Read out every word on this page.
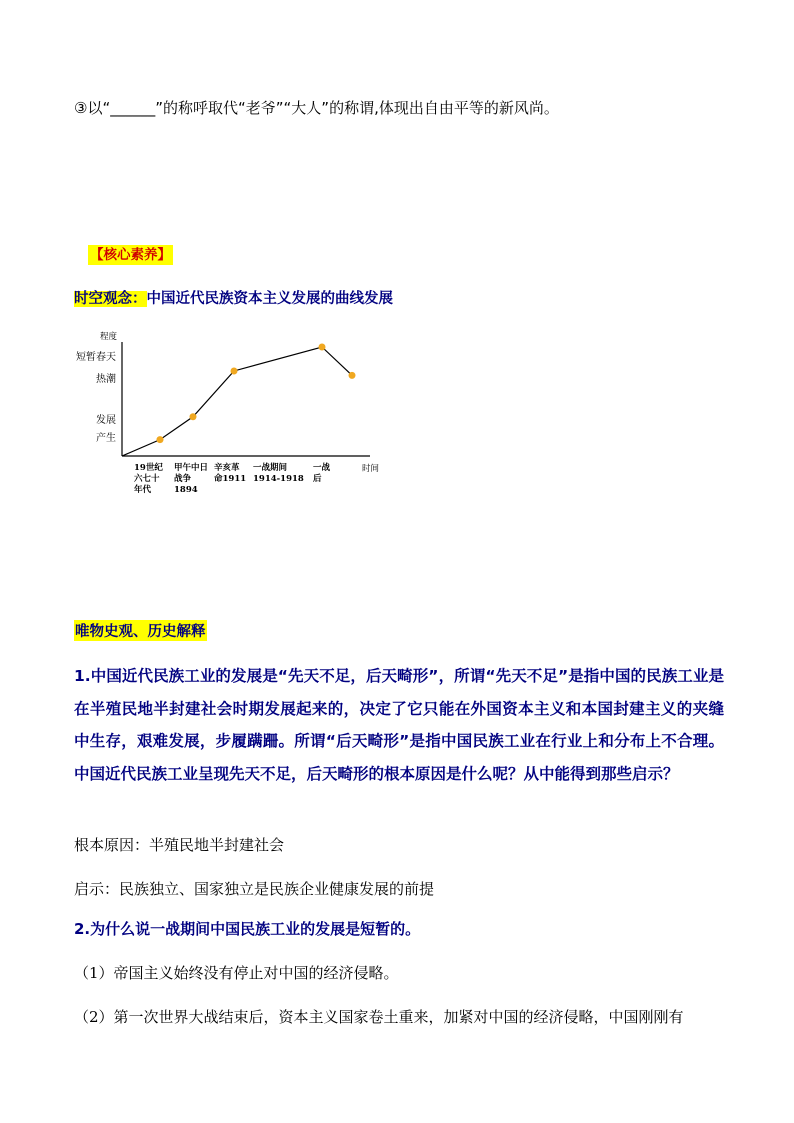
③以“______”的称呼取代“老爷”“大人”的称谓,体现出自由平等的新风尚。
【核心素养】
时空观念：中国近代民族资本主义发展的曲线发展
程度
时间
短暂春天
热潮
发展
产生
19世纪
六七十
年代
甲午中日
战争
1894
辛亥革
命1911
一战期间
1914-1918
一战
后
唯物史观、历史解释
1.中国近代民族工业的发展是“先天不足，后天畸形”，所谓“先天不足”是指中国的民族工业是在半殖民地半封建社会时期发展起来的，决定了它只能在外国资本主义和本国封建主义的夹缝中生存，艰难发展，步履蹒跚。所谓“后天畸形”是指中国民族工业在行业上和分布上不合理。中国近代民族工业呈现先天不足，后天畸形的根本原因是什么呢？从中能得到那些启示？
根本原因：半殖民地半封建社会
启示：民族独立、国家独立是民族企业健康发展的前提
2.为什么说一战期间中国民族工业的发展是短暂的。
（1）帝国主义始终没有停止对中国的经济侵略。
（2）第一次世界大战结束后，资本主义国家卷土重来，加紧对中国的经济侵略，中国刚刚有
